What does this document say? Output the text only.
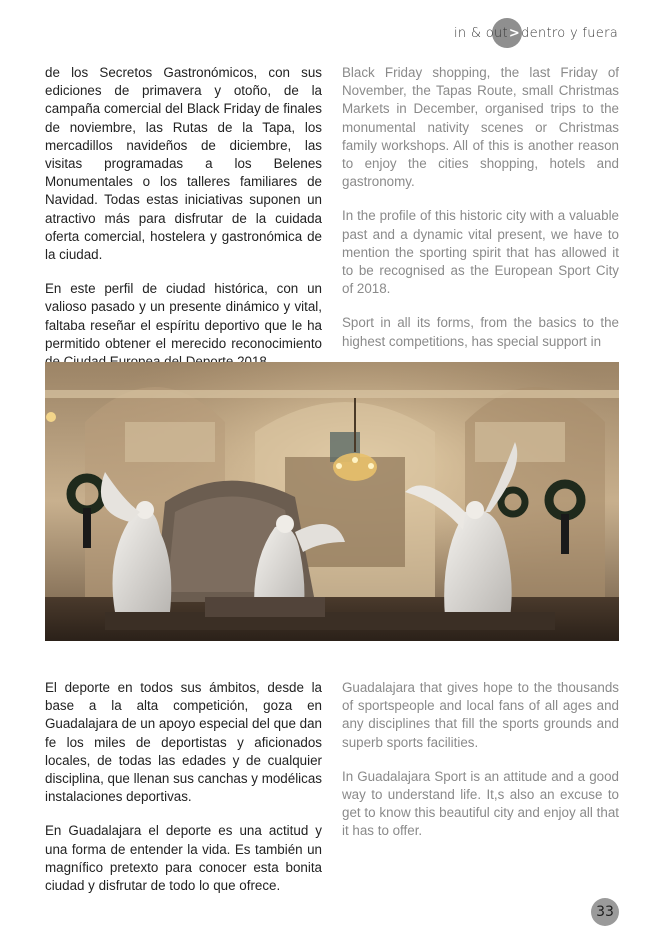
in & out>dentro y fuera

de los Secretos Gastronómicos, con sus ediciones de primavera y otoño, de la campaña comercial del Black Friday de finales de noviembre, las Rutas de la Tapa, los mercadillos navideños de diciembre, las visitas programadas a los Belenes Monumentales o los talleres familiares de Navidad. Todas estas iniciativas suponen un atractivo más para disfrutar de la cuidada oferta comercial, hostelera y gastronómica de la ciudad.

En este perfil de ciudad histórica, con un valioso pasado y un presente dinámico y vital, faltaba reseñar el espíritu deportivo que le ha permitido obtener el merecido reconocimiento

Black Friday shopping, the last Friday of November, the Tapas Route, small Christmas Markets in December, organised trips to the monumental nativity scenes or Christmas family workshops. All of this is another reason to enjoy the cities shopping, hotels and gastronomy.

In the profile of this historic city with a valuable past and a dynamic vital present, we have to mention the sporting spirit that has allowed it to be recognised as the European Sport City of 2018.

Sport in all its forms, from the basics to the highest competitions, has special support in

El deporte en todos sus ámbitos, desde la base a la alta competición, goza en Guadalajara de un apoyo especial del que dan fe los miles de deportistas y aficionados locales, de todas las edades y de cualquier disciplina, que llenan sus canchas y modélicas instalaciones deportivas.

En Guadalajara el deporte es una actitud y una forma de entender la vida. Es también un magnífico pretexto para conocer esta bonita ciudad y disfrutar de todo lo que ofrece.

Guadalajara that gives hope to the thousands of sportspeople and local fans of all ages and any disciplines that fill the sports grounds and superb sports facilities.

In Guadalajara Sport is an attitude and a good way to understand life. It,s also an excuse to get to know this beautiful city and enjoy all that it has to offer.

33
